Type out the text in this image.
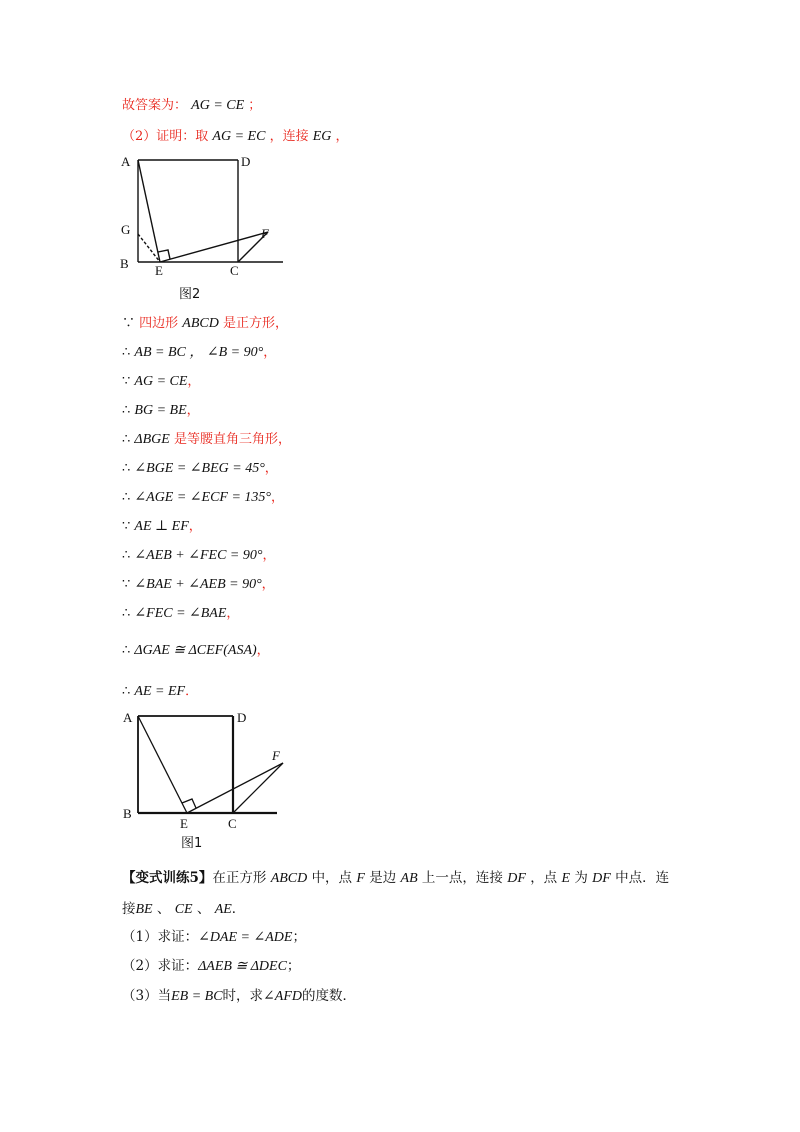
故答案为： AG = CE ；
（2）证明：取 AG = EC ，连接 EG ，
A	D
G	F
B E	C
图2
∵ 四边形 ABCD 是正方形，
∴ AB = BC ， ∠B = 90°，
∵ AG = CE，
∴ BG = BE，
∴ ΔBGE 是等腰直角三角形，
∴ ∠BGE = ∠BEG = 45°，
∴ ∠AGE = ∠ECF = 135°，
∵ AE ⊥ EF，
∴ ∠AEB + ∠FEC = 90°，
∵ ∠BAE + ∠AEB = 90°，
∴ ∠FEC = ∠BAE，
∴ ΔGAE ≅ ΔCEF(ASA)，
∴ AE = EF．
A	D
F
B
E	C
图1
【变式训练5】在正方形 ABCD 中，点 F 是边 AB 上一点，连接 DF ，点 E 为 DF 中点．连
接BE 、 CE 、 AE．
（1）求证：∠DAE = ∠ADE；
（2）求证：ΔAEB ≅ ΔDEC；
（3）当EB = BC时，求∠AFD的度数．
